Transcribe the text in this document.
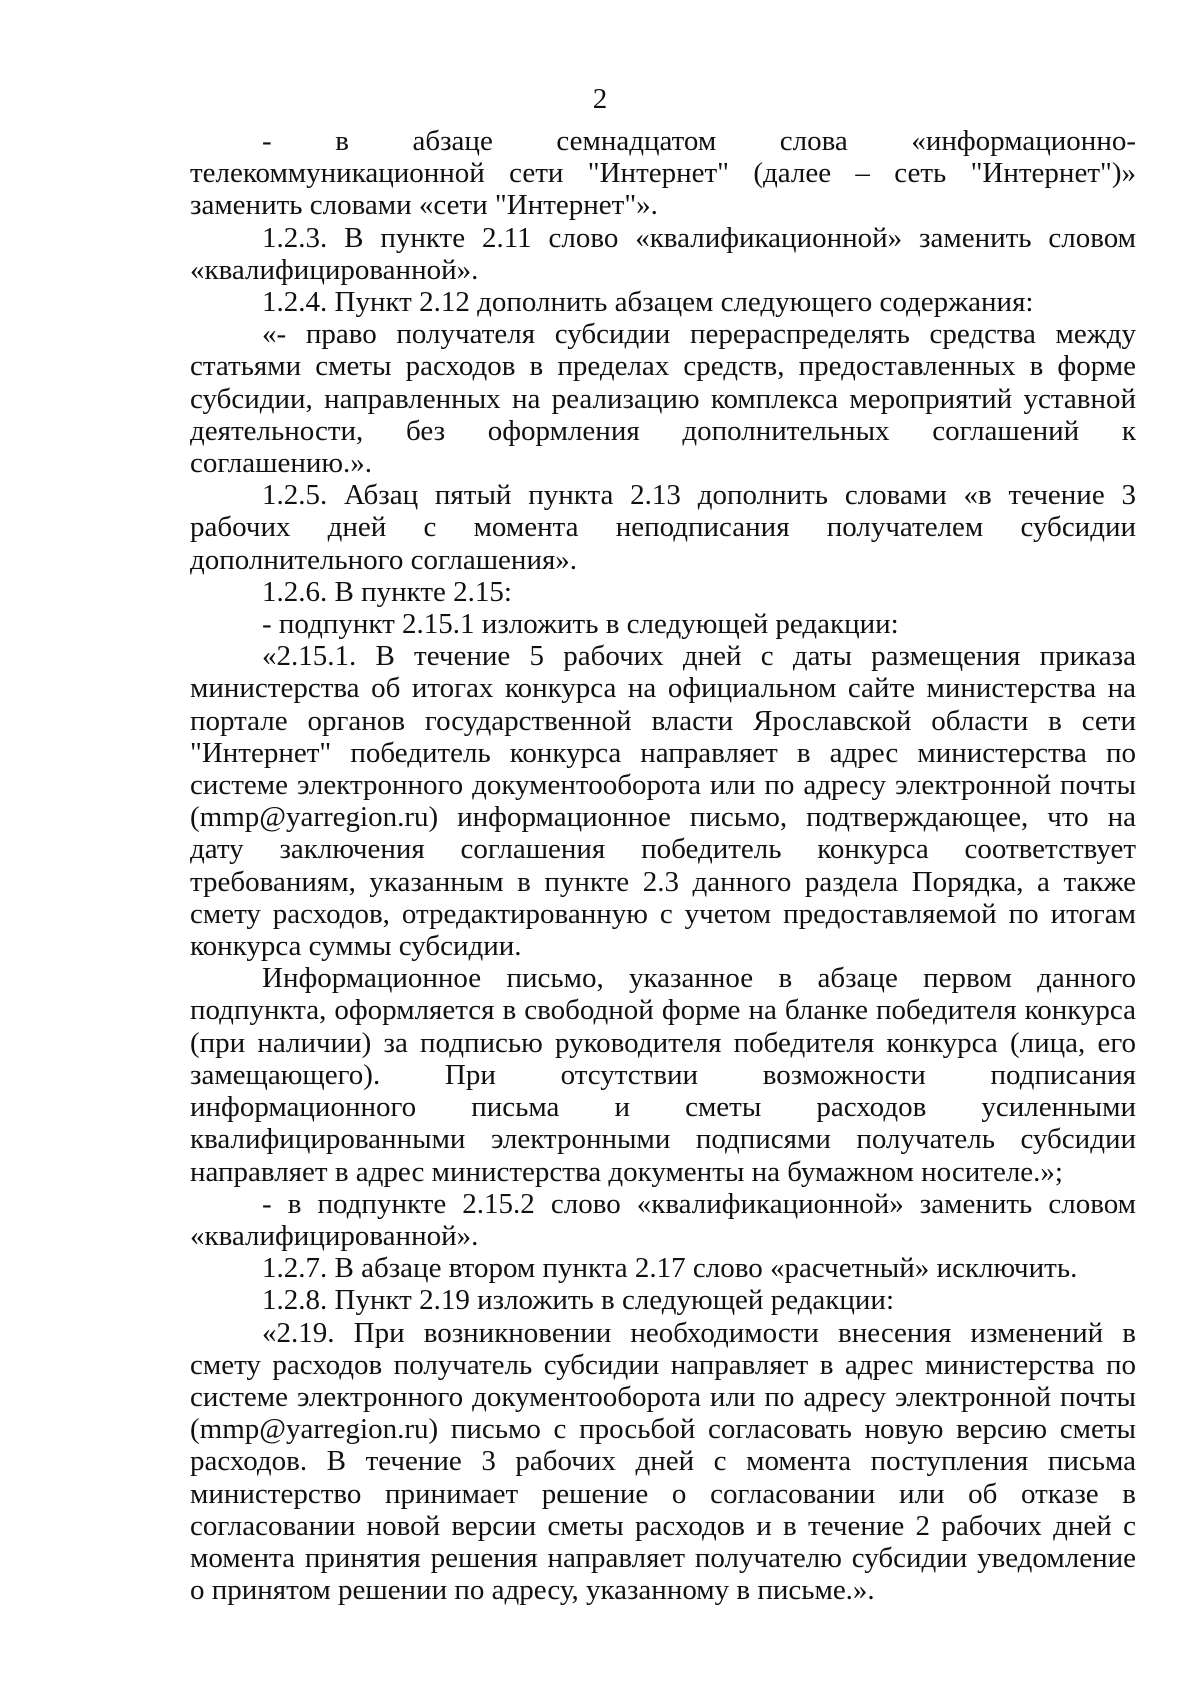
2

- в абзаце семнадцатом слова «информационно-телекоммуникационной сети "Интернет" (далее – сеть "Интернет")» заменить словами «сети "Интернет"».

1.2.3. В пункте 2.11 слово «квалификационной» заменить словом «квалифицированной».

1.2.4. Пункт 2.12 дополнить абзацем следующего содержания:

«- право получателя субсидии перераспределять средства между статьями сметы расходов в пределах средств, предоставленных в форме субсидии, направленных на реализацию комплекса мероприятий уставной деятельности, без оформления дополнительных соглашений к соглашению.».

1.2.5. Абзац пятый пункта 2.13 дополнить словами «в течение 3 рабочих дней с момента неподписания получателем субсидии дополнительного соглашения».

1.2.6. В пункте 2.15:

- подпункт 2.15.1 изложить в следующей редакции:

«2.15.1. В течение 5 рабочих дней с даты размещения приказа министерства об итогах конкурса на официальном сайте министерства на портале органов государственной власти Ярославской области в сети "Интернет" победитель конкурса направляет в адрес министерства по системе электронного документооборота или по адресу электронной почты (mmp@yarregion.ru) информационное письмо, подтверждающее, что на дату заключения соглашения победитель конкурса соответствует требованиям, указанным в пункте 2.3 данного раздела Порядка, а также смету расходов, отредактированную с учетом предоставляемой по итогам конкурса суммы субсидии.

Информационное письмо, указанное в абзаце первом данного подпункта, оформляется в свободной форме на бланке победителя конкурса (при наличии) за подписью руководителя победителя конкурса (лица, его замещающего). При отсутствии возможности подписания информационного письма и сметы расходов усиленными квалифицированными электронными подписями получатель субсидии направляет в адрес министерства документы на бумажном носителе.»;

- в подпункте 2.15.2 слово «квалификационной» заменить словом «квалифицированной».

1.2.7. В абзаце втором пункта 2.17 слово «расчетный» исключить.

1.2.8. Пункт 2.19 изложить в следующей редакции:

«2.19. При возникновении необходимости внесения изменений в смету расходов получатель субсидии направляет в адрес министерства по системе электронного документооборота или по адресу электронной почты (mmp@yarregion.ru) письмо с просьбой согласовать новую версию сметы расходов. В течение 3 рабочих дней с момента поступления письма министерство принимает решение о согласовании или об отказе в согласовании новой версии сметы расходов и в течение 2 рабочих дней с момента принятия решения направляет получателю субсидии уведомление о принятом решении по адресу, указанному в письме.».
